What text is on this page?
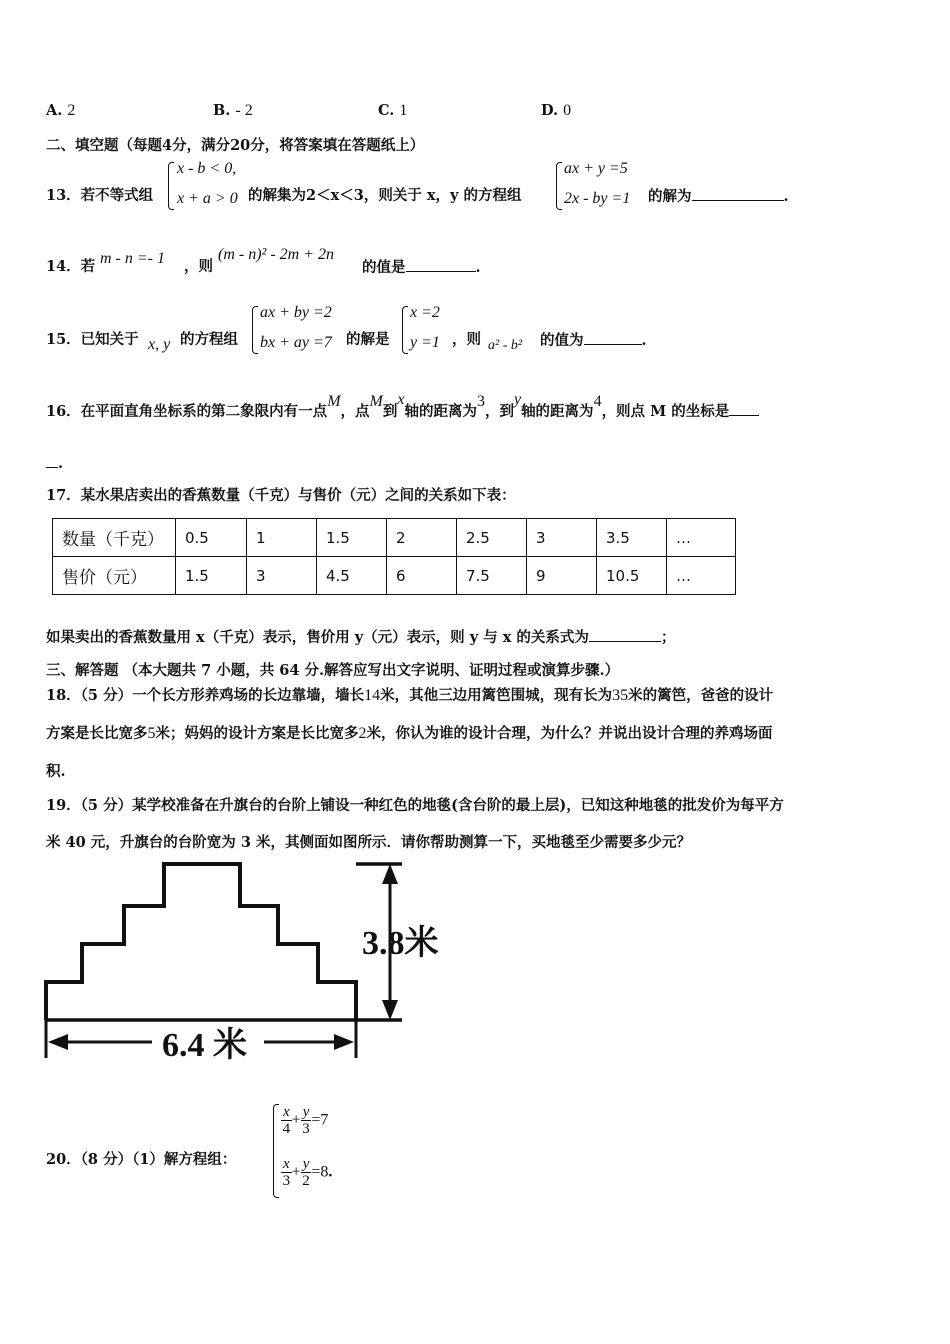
A. 2	B. - 2	C. 1	D. 0
二、填空题（每题4分，满分20分，将答案填在答题纸上）
13．若不等式组
x - b < 0,
x + a > 0 的解集为2＜x＜3，则关于 x，y 的方程组
ax + y =5
2x - by =1 的解为	.
14．若 m - n =- 1 ，则
(m - n)² - 2m + 2n
的值是	.
15．已知关于 x, y 的方程组
ax + by =2
bx + ay =7 的解是
x =2
y =1 ，则 a² - b² 的值为	.
16．在平面直角坐标系的第二象限内有一点M，点M到x轴的距离为3，到y轴的距离为4，则点 M 的坐标是
.
17．某水果店卖出的香蕉数量（千克）与售价（元）之间的关系如下表：
数量（千克）	0.5	1	1.5	2	2.5	3	3.5	…
售价（元）	1.5	3	4.5	6	7.5	9	10.5	…
如果卖出的香蕉数量用 x（千克）表示，售价用 y（元）表示，则 y 与 x 的关系式为	；
三、解答题 （本大题共 7 小题，共 64 分.解答应写出文字说明、证明过程或演算步骤.）
18．（5 分）一个长方形养鸡场的长边靠墙，墙长14米，其他三边用篱笆围城，现有长为35米的篱笆，爸爸的设计
方案是长比宽多5米；妈妈的设计方案是长比宽多2米，你认为谁的设计合理，为什么？并说出设计合理的养鸡场面
积.
19．（5 分）某学校准备在升旗台的台阶上铺设一种红色的地毯(含台阶的最上层)，已知这种地毯的批发价为每平方
米 40 元，升旗台的台阶宽为 3 米，其侧面如图所示．请你帮助测算一下，买地毯至少需要多少元？
3.8米
6.4 米
20．（8 分）（1）解方程组：
$\frac{x}{4} + \frac{y}{3} =7$
$\frac{x}{3} + \frac{y}{2} =8$.
